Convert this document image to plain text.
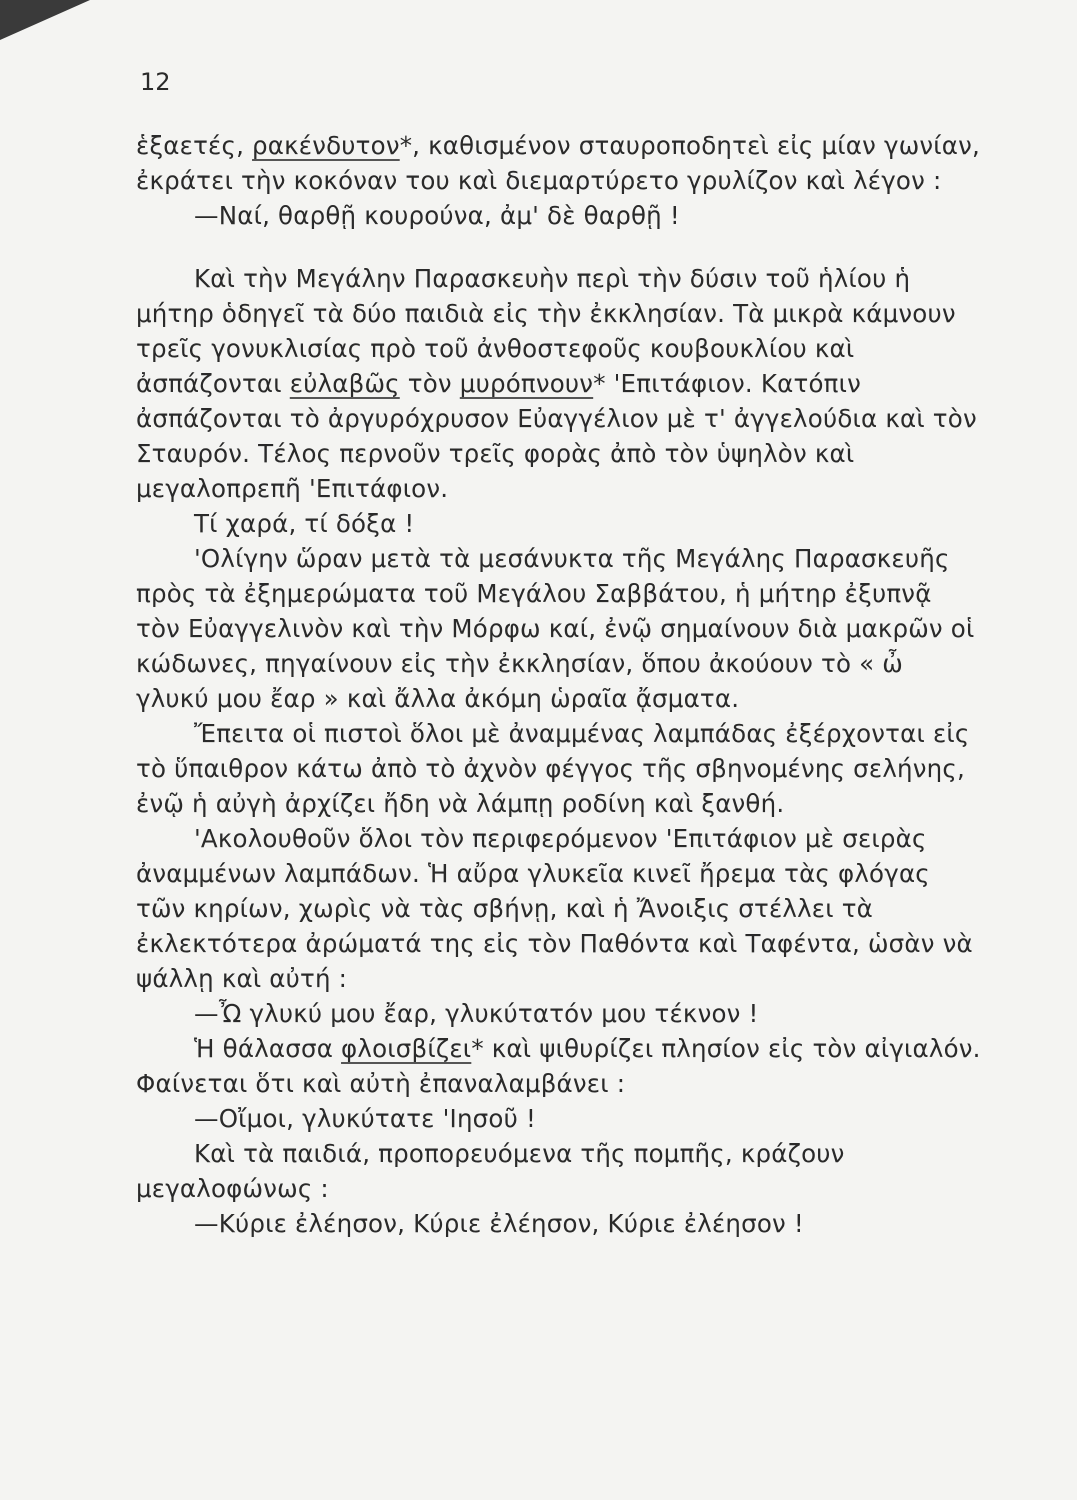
12

ἑξαετές, ρακένδυτον*, καθισμένον σταυροποδητεὶ εἰς μίαν γωνίαν, ἐκράτει τὴν κοκόναν του καὶ διεμαρτύρετο γρυλίζον καὶ λέγον :

—Ναί, θαρθῇ κουρούνα, ἀμ' δὲ θαρθῇ !

Καὶ τὴν Μεγάλην Παρασκευὴν περὶ τὴν δύσιν τοῦ ἡλίου ἡ μήτηρ ὁδηγεῖ τὰ δύο παιδιὰ εἰς τὴν ἐκκλησίαν. Τὰ μικρὰ κάμνουν τρεῖς γονυκλισίας πρὸ τοῦ ἀνθοστεφοῦς κουβουκλίου καὶ ἀσπάζονται εὐλαβῶς τὸν μυρόπνουν* 'Επιτάφιον. Κατόπιν ἀσπάζονται τὸ ἀργυρόχρυσον Εὐαγγέλιον μὲ τ' ἀγγελούδια καὶ τὸν Σταυρόν. Τέλος περνοῦν τρεῖς φορὰς ἀπὸ τὸν ὑψηλὸν καὶ μεγαλοπρεπῆ 'Επιτάφιον.

Τί χαρά, τί δόξα !

'Ολίγην ὥραν μετὰ τὰ μεσάνυκτα τῆς Μεγάλης Παρασκευῆς πρὸς τὰ ἐξημερώματα τοῦ Μεγάλου Σαββάτου, ἡ μήτηρ ἐξυπνᾷ τὸν Εὐαγγελινὸν καὶ τὴν Μόρφω καί, ἐνῷ σημαίνουν διὰ μακρῶν οἱ κώδωνες, πηγαίνουν εἰς τὴν ἐκκλησίαν, ὅπου ἀκούουν τὸ « ὦ γλυκύ μου ἔαρ » καὶ ἄλλα ἀκόμη ὡραῖα ᾄσματα.

Ἔπειτα οἱ πιστοὶ ὅλοι μὲ ἀναμμένας λαμπάδας ἐξέρχονται εἰς τὸ ὕπαιθρον κάτω ἀπὸ τὸ ἀχνὸν φέγγος τῆς σβηνομένης σελήνης, ἐνῷ ἡ αὐγὴ ἀρχίζει ἤδη νὰ λάμπῃ ροδίνη καὶ ξανθή.

'Ακολουθοῦν ὅλοι τὸν περιφερόμενον 'Επιτάφιον μὲ σειρὰς ἀναμμένων λαμπάδων. Ἡ αὔρα γλυκεῖα κινεῖ ἤρεμα τὰς φλόγας τῶν κηρίων, χωρὶς νὰ τὰς σβήνῃ, καὶ ἡ Ἄνοιξις στέλλει τὰ ἐκλεκτότερα ἀρώματά της εἰς τὸν Παθόντα καὶ Ταφέντα, ὡσὰν νὰ ψάλλῃ καὶ αὐτή :

—Ὦ γλυκύ μου ἔαρ, γλυκύτατόν μου τέκνον !

Ἡ θάλασσα φλοισβίζει* καὶ ψιθυρίζει πλησίον εἰς τὸν αἰγιαλόν. Φαίνεται ὅτι καὶ αὐτὴ ἐπαναλαμβάνει :

—Οἴμοι, γλυκύτατε 'Ιησοῦ !

Καὶ τὰ παιδιά, προπορευόμενα τῆς πομπῆς, κράζουν μεγαλοφώνως :

—Κύριε ἐλέησον, Κύριε ἐλέησον, Κύριε ἐλέησον !
